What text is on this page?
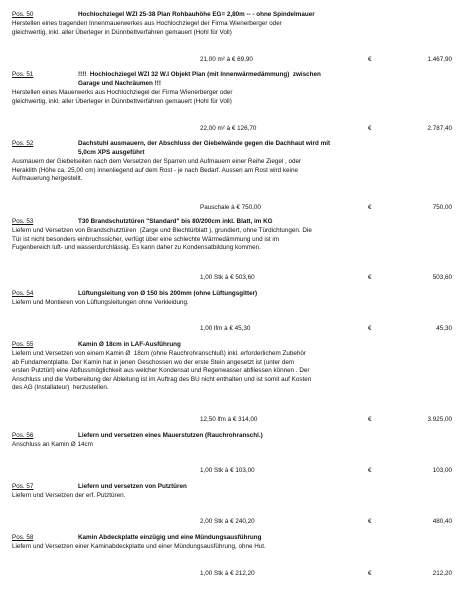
Pos. 50	Hochlochziegel WZI 25-38 Plan Rohbauhöhe EG= 2,80m -- - ohne Spindelmauer
Herstellen eines tragenden Innenmauerwerkes aus Hochlochziegel der Firma Wienerberger oder
gleichwertig, inkl. aller Überleger in Dünnbettverfahren gemauert (Hohl für Voll)
21,00 m² à € 69,90	€	1.467,90
Pos. 51	!!!!  Hochlochziegel WZI 32 W.I Objekt Plan (mit Innenwärmedämmung)  zwischen
Garage und Nachräumen !!!
Herstellen eines Mauerwerks aus Hochlochziegel der Firma Wienerberger oder
gleichwertig, inkl. aller Überleger in Dünnbettverfahren gemauert (Hohl für Voll)
22,00 m² à € 126,70	€	2.787,40
Pos. 52	Dachstuhl ausmauern, der Abschluss der Giebelwände gegen die Dachhaut wird mit
5,0cm XPS ausgeführt
Ausmauern der Giebelseiten nach dem Versetzen der Sparren und Aufmauern einer Reihe Ziegel , oder
Heraklith (Höhe ca. 25,00 cm) innenliegend auf dem Rost - je nach Bedarf. Aussen am Rost wird keine
Aufmauerung hergestellt.
Pauschale à € 750,00	€	750,00
Pos. 53	T30 Brandschutztüren "Standard" bis 80/200cm inkl. Blatt, im KG
Liefern und Versetzen von Brandschutztüren  (Zarge und Blechtürblatt ), grundiert, ohne Türdichtungen. Die
Tür ist nicht besonders einbruchssicher, verfügt über eine schlechte Wärmedämmung und ist im
Fugenbereich luft- und wasserdurchlässig. Es kann daher zu Kondensatbildung kommen.
1,00 Stk à € 503,60	€	503,60
Pos. 54	Lüftungsleitung von Ø 150 bis 200mm (ohne Lüftungsgitter)
Liefern und Montieren von Lüftungsleitungen ohne Verkleidung.
1,00 lfm à € 45,30	€	45,30
Pos. 55	Kamin Ø 18cm in LAF-Ausführung
Liefern und Versetzen von einem Kamin Ø  18cm (ohne Rauchrohranschluß) inkl. erforderlichem Zubehör
ab Fundamentplatte. Der Kamin hat in jenen Geschossen wo der erste Stein angesetzt ist (unter dem
ersten Putztürl) eine Abflussmöglichkeit aus welcher Kondensat und Regenwasser abfliessen können . Der
Anschluss und die Vorbereitung der Ableitung ist im Auftrag des BU nicht enthalten und ist somit auf Kosten
des AG (Installateur)  herzustellen.
12,50 lfm à € 314,00	€	3.925,00
Pos. 56	Liefern und versetzen eines Mauerstutzen (Rauchrohranschl.)
Anschluss an Kamin Ø 14cm
1,00 Stk à € 103,00	€	103,00
Pos. 57	Liefern und versetzen von Putztüren
Liefern und Versetzen der erf. Putztüren.
2,00 Stk à € 240,20	€	480,40
Pos. 58	Kamin Abdeckplatte einzügig und eine Mündungsausführung
Liefern und Versetzen einer Kaminabdeckplatte und einer Mündungsausführung, ohne Hut.
1,00 Stk à € 212,20	€	212,20
